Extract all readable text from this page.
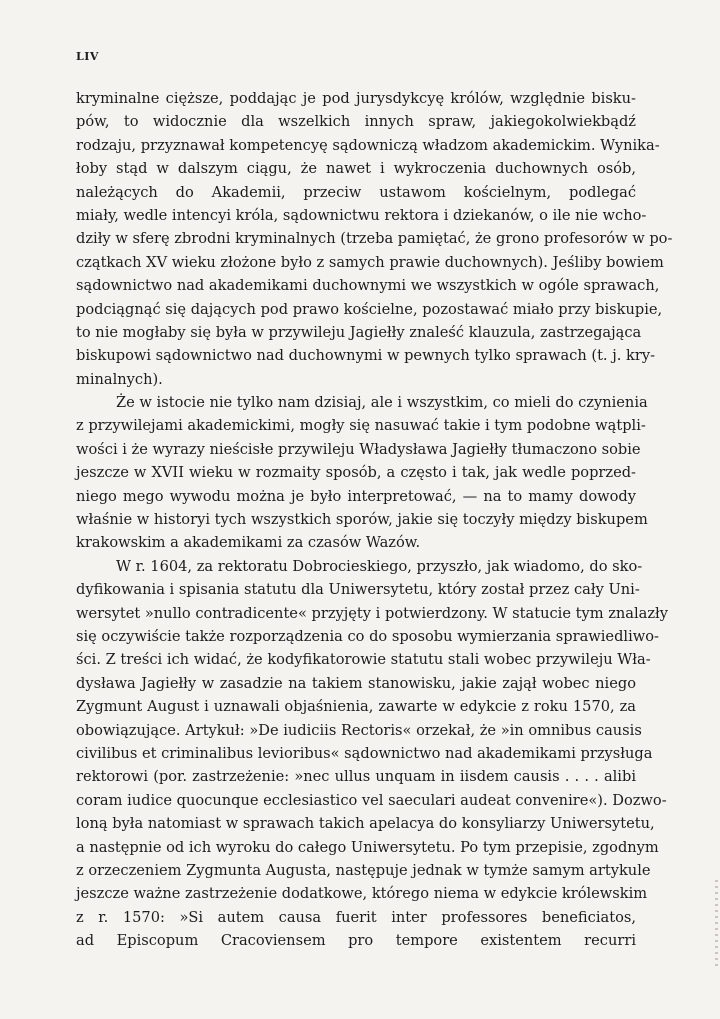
LIV
kryminalne cięższe, poddając je pod jurysdykcyę królów, względnie bisku-
pów, to widocznie dla wszelkich innych spraw, jakiegokolwiekbądź
rodzaju, przyznawał kompetencyę sądowniczą władzom akademickim. Wynika-
łoby stąd w dalszym ciągu, że nawet i wykroczenia duchownych osób,
należących do Akademii, przeciw ustawom kościelnym, podlegać
miały, wedle intencyi króla, sądownictwu rektora i dziekanów, o ile nie wcho-
dziły w sferę zbrodni kryminalnych (trzeba pamiętać, że grono profesorów w po-
czątkach XV wieku złożone było z samych prawie duchownych). Jeśliby bowiem
sądownictwo nad akademikami duchownymi we wszystkich w ogóle sprawach,
podciągnąć się dających pod prawo kościelne, pozostawać miało przy biskupie,
to nie mogłaby się była w przywileju Jagiełły znaleść klauzula, zastrzegająca
biskupowi sądownictwo nad duchownymi w pewnych tylko sprawach (t. j. kry-
minalnych).
Że w istocie nie tylko nam dzisiaj, ale i wszystkim, co mieli do czynienia
z przywilejami akademickimi, mogły się nasuwać takie i tym podobne wątpli-
wości i że wyrazy nieścisłe przywileju Władysława Jagiełły tłumaczono sobie
jeszcze w XVII wieku w rozmaity sposób, a często i tak, jak wedle poprzed-
niego mego wywodu można je było interpretować, — na to mamy dowody
właśnie w historyi tych wszystkich sporów, jakie się toczyły między biskupem
krakowskim a akademikami za czasów Wazów.
W r. 1604, za rektoratu Dobrocieskiego, przyszło, jak wiadomo, do sko-
dyfikowania i spisania statutu dla Uniwersytetu, który został przez cały Uni-
wersytet »nullo contradicente« przyjęty i potwierdzony. W statucie tym znalazły
się oczywiście także rozporządzenia co do sposobu wymierzania sprawiedliwo-
ści. Z treści ich widać, że kodyfikatorowie statutu stali wobec przywileju Wła-
dysława Jagiełły w zasadzie na takiem stanowisku, jakie zajął wobec niego
Zygmunt August i uznawali objaśnienia, zawarte w edykcie z roku 1570, za
obowiązujące. Artykuł: »De iudiciis Rectoris« orzekał, że »in omnibus causis
civilibus et criminalibus levioribus« sądownictwo nad akademikami przysługa
rektorowi (por. zastrzeżenie: »nec ullus unquam in iisdem causis . . . . alibi
coram iudice quocunque ecclesiastico vel saeculari audeat convenire«). Dozwo-
loną była natomiast w sprawach takich apelacya do konsyliarzy Uniwersytetu,
a następnie od ich wyroku do całego Uniwersytetu. Po tym przepisie, zgodnym
z orzeczeniem Zygmunta Augusta, następuje jednak w tymże samym artykule
jeszcze ważne zastrzeżenie dodatkowe, którego niema w edykcie królewskim
z r. 1570: »Si autem causa fuerit inter professores beneficiatos,
ad Episcopum Cracoviensem pro tempore existentem recurri
